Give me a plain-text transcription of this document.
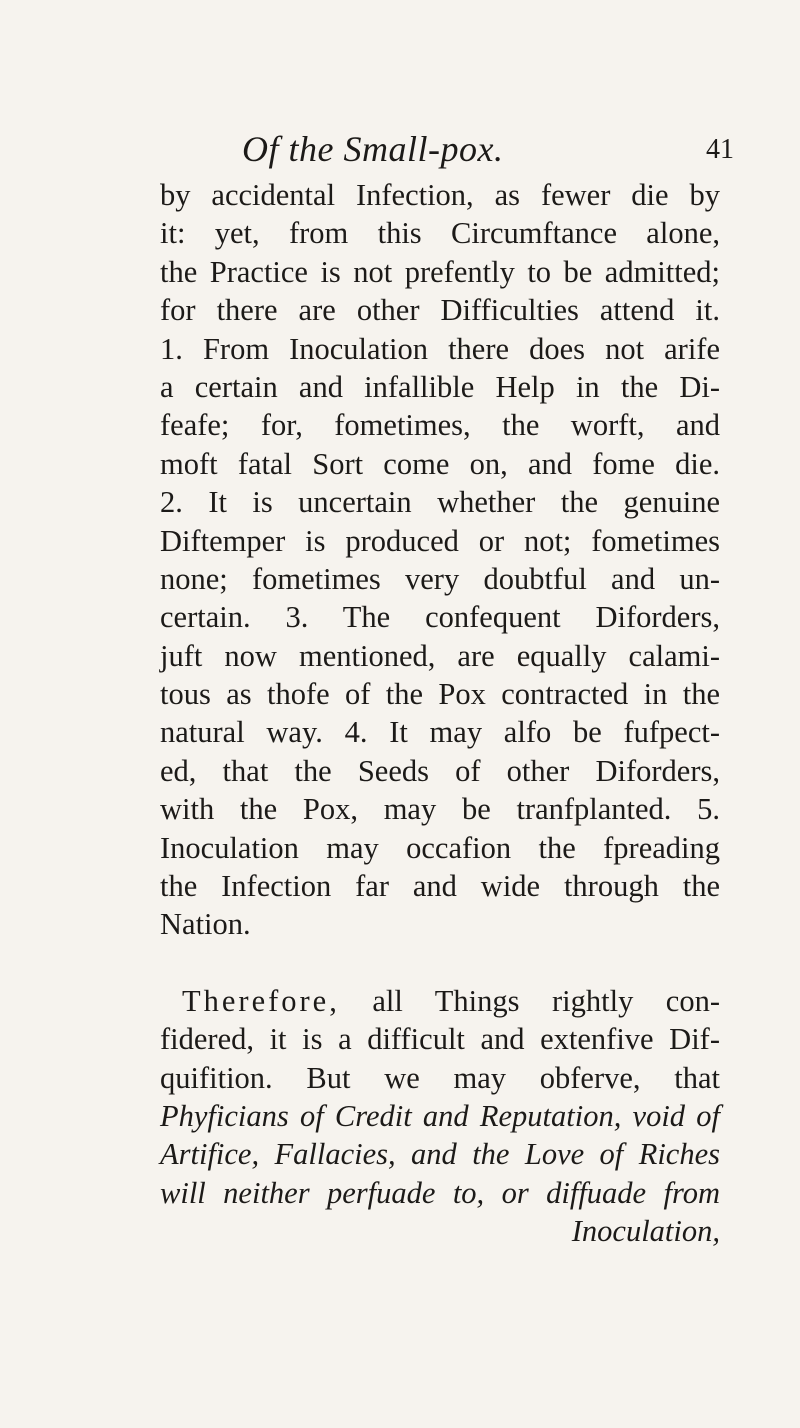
Of the Small-pox.	41
by accidental Infection, as fewer die by
it: yet, from this Circumftance alone,
the Practice is not prefently to be admitted;
for there are other Difficulties attend it.
1. From Inoculation there does not arife
a certain and infallible Help in the Di-
feafe; for, fometimes, the worft, and
moft fatal Sort come on, and fome die.
2. It is uncertain whether the genuine
Diftemper is produced or not; fometimes
none; fometimes very doubtful and un-
certain. 3. The confequent Diforders,
juft now mentioned, are equally calami-
tous as thofe of the Pox contracted in the
natural way. 4. It may alfo be fufpect-
ed, that the Seeds of other Diforders,
with the Pox, may be tranfplanted. 5.
Inoculation may occafion the fpreading
the Infection far and wide through the
Nation.
Therefore, all Things rightly con-
fidered, it is a difficult and extenfive Dif-
quifition. But we may obferve, that
Phyficians of Credit and Reputation, void of
Artifice, Fallacies, and the Love of Riches
will neither perfuade to, or diffuade from
Inoculation,
